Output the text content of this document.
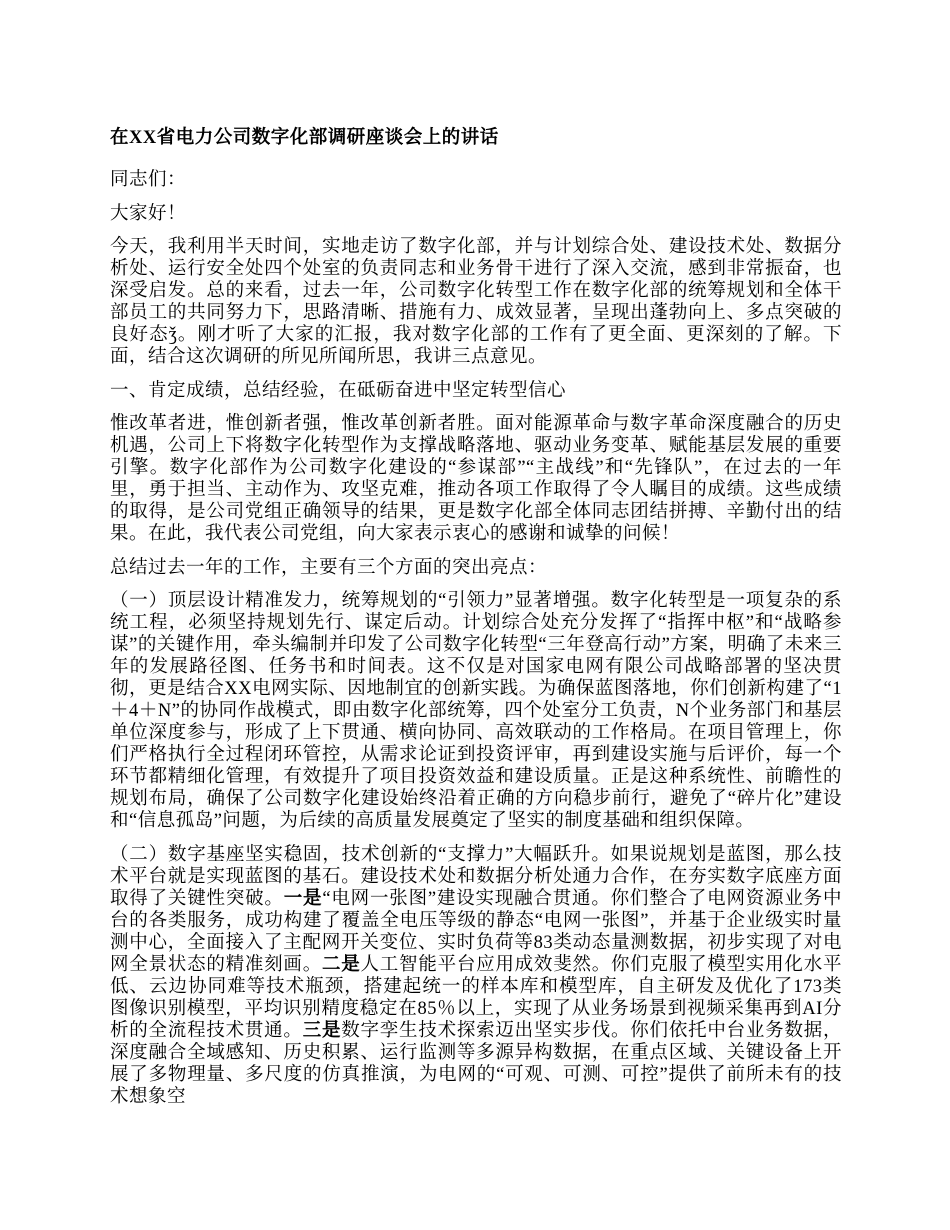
在XX省电力公司数字化部调研座谈会上的讲话

同志们：

大家好！

今天，我利用半天时间，实地走访了数字化部，并与计划综合处、建设技术处、数据分析处、运行安全处四个处室的负责同志和业务骨干进行了深入交流，感到非常振奋，也深受启发。总的来看，过去一年，公司数字化转型工作在数字化部的统筹规划和全体干部员工的共同努力下，思路清晰、措施有力、成效显著，呈现出蓬勃向上、多点突破的良好态ǯ。刚才听了大家的汇报，我对数字化部的工作有了更全面、更深刻的了解。下面，结合这次调研的所见所闻所思，我讲三点意见。

一、肯定成绩，总结经验，在砥砺奋进中坚定转型信心

惟改革者进，惟创新者强，惟改革创新者胜。面对能源革命与数字革命深度融合的历史机遇，公司上下将数字化转型作为支撑战略落地、驱动业务变革、赋能基层发展的重要引擎。数字化部作为公司数字化建设的“参谋部”“主战线”和“先锋队”，在过去的一年里，勇于担当、主动作为、攻坚克难，推动各项工作取得了令人瞩目的成绩。这些成绩的取得，是公司党组正确领导的结果，更是数字化部全体同志团结拼搏、辛勤付出的结果。在此，我代表公司党组，向大家表示衷心的感谢和诚挚的问候！

总结过去一年的工作，主要有三个方面的突出亮点：

（一）顶层设计精准发力，统筹规划的“引领力”显著增强。数字化转型是一项复杂的系统工程，必须坚持规划先行、谋定后动。计划综合处充分发挥了“指挥中枢”和“战略参谋”的关键作用，牵头编制并印发了公司数字化转型“三年登高行动”方案，明确了未来三年的发展路径图、任务书和时间表。这不仅是对国家电网有限公司战略部署的坚决贯彻，更是结合XX电网实际、因地制宜的创新实践。为确保蓝图落地，你们创新构建了“1＋4＋N”的协同作战模式，即由数字化部统筹，四个处室分工负责，N个业务部门和基层单位深度参与，形成了上下贯通、横向协同、高效联动的工作格局。在项目管理上，你们严格执行全过程闭环管控，从需求论证到投资评审，再到建设实施与后评价，每一个环节都精细化管理，有效提升了项目投资效益和建设质量。正是这种系统性、前瞻性的规划布局，确保了公司数字化建设始终沿着正确的方向稳步前行，避免了“碎片化”建设和“信息孤岛”问题，为后续的高质量发展奠定了坚实的制度基础和组织保障。

（二）数字基座坚实稳固，技术创新的“支撑力”大幅跃升。如果说规划是蓝图，那么技术平台就是实现蓝图的基石。建设技术处和数据分析处通力合作，在夯实数字底座方面取得了关键性突破。一是“电网一张图”建设实现融合贯通。你们整合了电网资源业务中台的各类服务，成功构建了覆盖全电压等级的静态“电网一张图”，并基于企业级实时量测中心，全面接入了主配网开关变位、实时负荷等83类动态量测数据，初步实现了对电网全景状态的精准刻画。二是人工智能平台应用成效斐然。你们克服了模型实用化水平低、云边协同难等技术瓶颈，搭建起统一的样本库和模型库，自主研发及优化了173类图像识别模型，平均识别精度稳定在85％以上，实现了从业务场景到视频采集再到AI分析的全流程技术贯通。三是数字孪生技术探索迈出坚实步伐。你们依托中台业务数据，深度融合全域感知、历史积累、运行监测等多源异构数据，在重点区域、关键设备上开展了多物理量、多尺度的仿真推演，为电网的“可观、可测、可控”提供了前所未有的技术想象空
